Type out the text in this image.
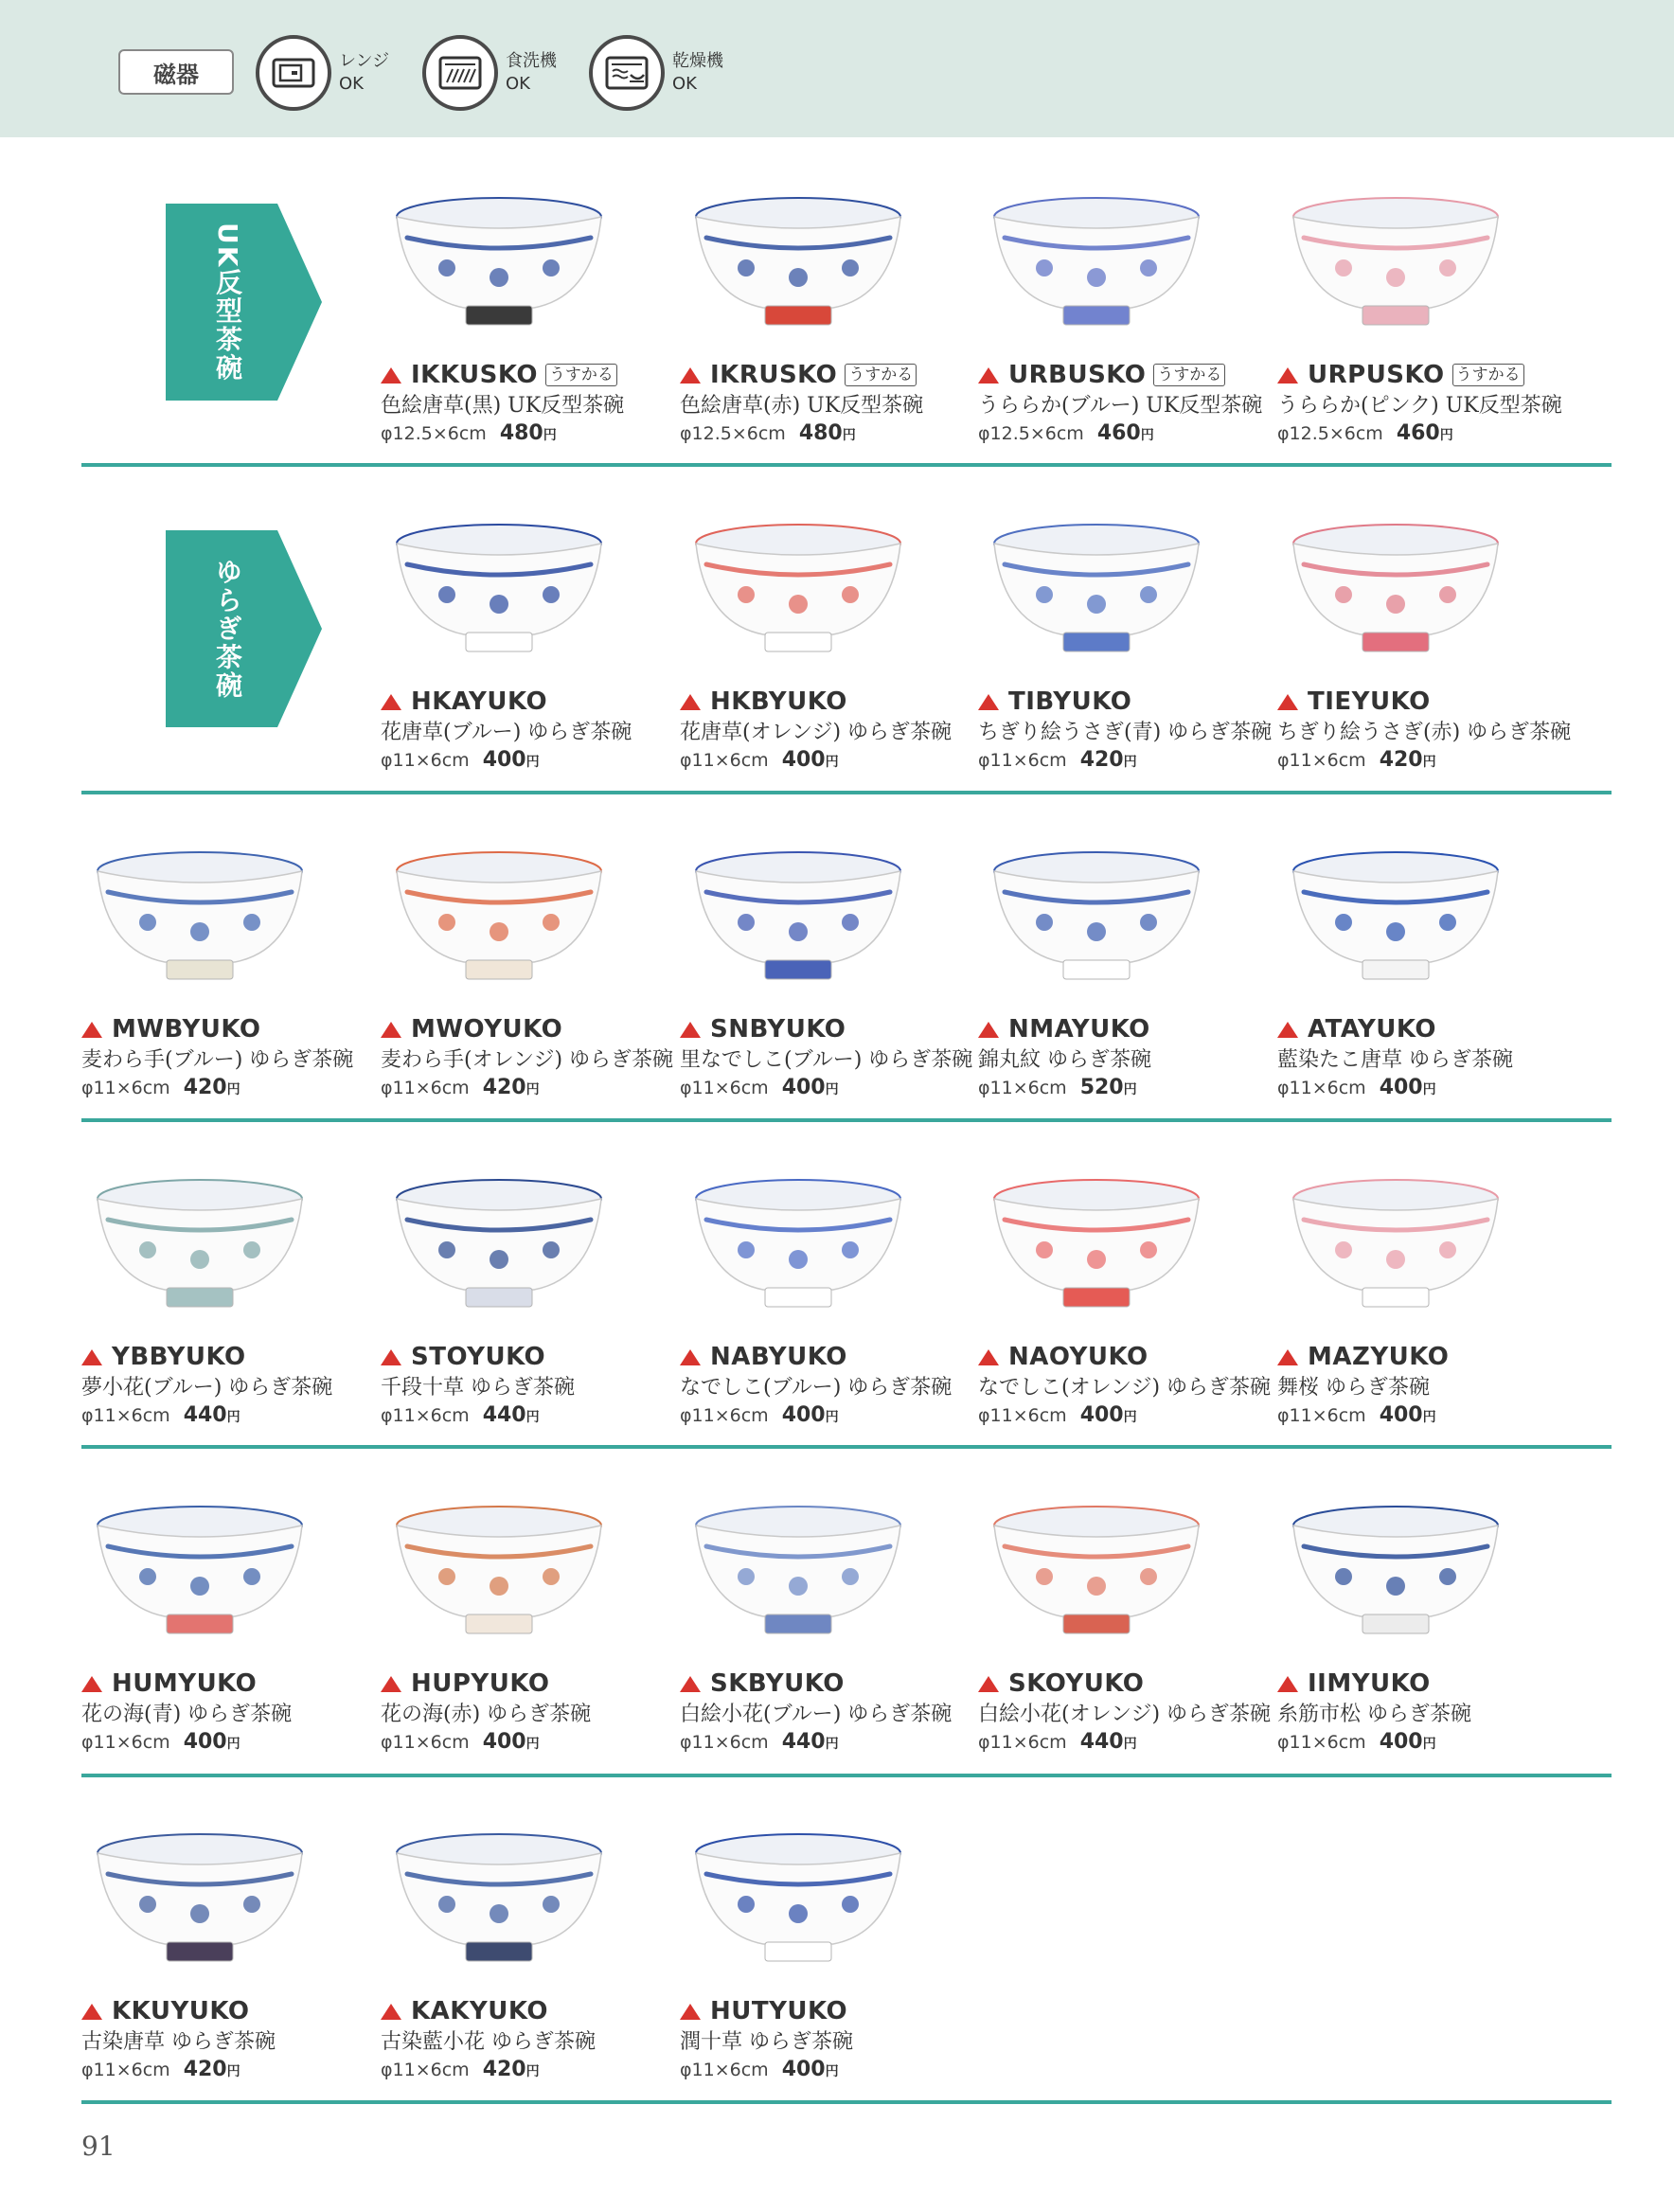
磁器	レンジ
OK
食洗機
OK
乾燥機
OK
UK反型茶碗
ゆらぎ茶碗
IKKUSKO うすかる
色絵唐草(黒) UK反型茶碗
φ12.5×6cm 480円
IKRUSKO うすかる
色絵唐草(赤) UK反型茶碗
φ12.5×6cm 480円
URBUSKO うすかる
うららか(ブルー) UK反型茶碗
φ12.5×6cm 460円
URPUSKO うすかる
うららか(ピンク) UK反型茶碗
φ12.5×6cm 460円
HKAYUKO
花唐草(ブルー) ゆらぎ茶碗
φ11×6cm 400円
HKBYUKO
花唐草(オレンジ) ゆらぎ茶碗
φ11×6cm 400円
TIBYUKO
ちぎり絵うさぎ(青) ゆらぎ茶碗
φ11×6cm 420円
TIEYUKO
ちぎり絵うさぎ(赤) ゆらぎ茶碗
φ11×6cm 420円
MWBYUKO
麦わら手(ブルー) ゆらぎ茶碗
φ11×6cm 420円
MWOYUKO
麦わら手(オレンジ) ゆらぎ茶碗
φ11×6cm 420円
SNBYUKO
里なでしこ(ブルー) ゆらぎ茶碗
φ11×6cm 400円
NMAYUKO
錦丸紋 ゆらぎ茶碗
φ11×6cm 520円
ATAYUKO
藍染たこ唐草 ゆらぎ茶碗
φ11×6cm 400円
YBBYUKO
夢小花(ブルー) ゆらぎ茶碗
φ11×6cm 440円
STOYUKO
千段十草 ゆらぎ茶碗
φ11×6cm 440円
NABYUKO
なでしこ(ブルー) ゆらぎ茶碗
φ11×6cm 400円
NAOYUKO
なでしこ(オレンジ) ゆらぎ茶碗
φ11×6cm 400円
MAZYUKO
舞桜 ゆらぎ茶碗
φ11×6cm 400円
HUMYUKO
花の海(青) ゆらぎ茶碗
φ11×6cm 400円
HUPYUKO
花の海(赤) ゆらぎ茶碗
φ11×6cm 400円
SKBYUKO
白絵小花(ブルー) ゆらぎ茶碗
φ11×6cm 440円
SKOYUKO
白絵小花(オレンジ) ゆらぎ茶碗
φ11×6cm 440円
IIMYUKO
糸筋市松 ゆらぎ茶碗
φ11×6cm 400円
KKUYUKO
古染唐草 ゆらぎ茶碗
φ11×6cm 420円
KAKYUKO
古染藍小花 ゆらぎ茶碗
φ11×6cm 420円
HUTYUKO
潤十草 ゆらぎ茶碗
φ11×6cm 400円
91
